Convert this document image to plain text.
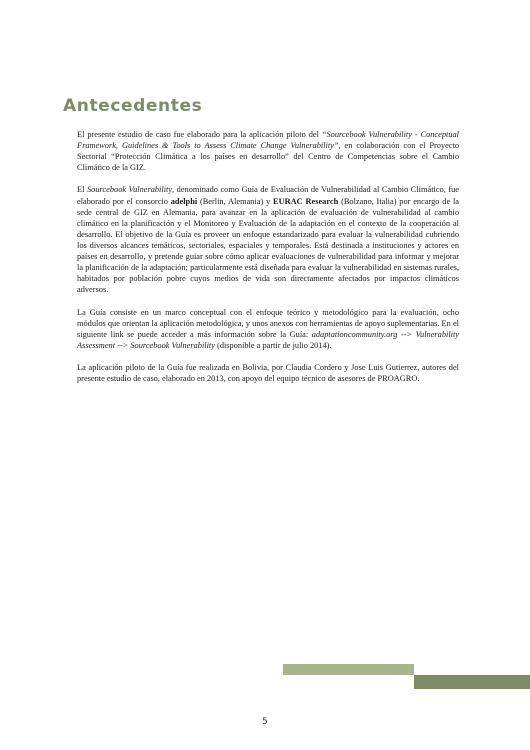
Antecedentes

El presente estudio de caso fue elaborado para la aplicación piloto del “Sourcebook Vulnerability - Conceptual Framework, Guidelines & Tools to Assess Climate Change Vulnerability”, en colaboración con el Proyecto Sectorial “Protección Climática a los países en desarrollo” del Centro de Competencias sobre el Cambio Climático de la GIZ.

El Sourcebook Vulnerability, denominado como Guía de Evaluación de Vulnerabilidad al Cambio Climático, fue elaborado por el consorcio adelphi (Berlin, Alemania) y EURAC Research (Bolzano, Italia) por encargo de la sede central de GIZ en Alemania, para avanzar en la aplicación de evaluación de vulnerabilidad al cambio climático en la planificación y el Monitoreo y Evaluación de la adaptación en el contexto de la cooperación al desarrollo. El objetivo de la Guía es proveer un enfoque estandarizado para evaluar la vulnerabilidad cubriendo los diversos alcances temáticos, sectoriales, espaciales y temporales. Está destinada a instituciones y actores en países en desarrollo, y pretende guiar sobre cómo aplicar evaluaciones de vulnerabilidad para informar y mejorar la planificación de la adaptación; particularmente está diseñada para evaluar la vulnerabilidad en sistemas rurales, habitados por población pobre cuyos medios de vida son directamente afectados por impactos climáticos adversos.

La Guía consiste en un marco conceptual con el enfoque teórico y metodológico para la evaluación, ocho módulos que orientan la aplicación metodológica, y unos anexos con herramientas de apoyo suplementarias. En el siguiente link se puede acceder a más información sobre la Guía: adaptationcommunity.org --> Vulnerability Assessment --> Sourcebook Vulnerability (disponible a partir de julio 2014).

La aplicación piloto de la Guía fue realizada en Bolivia, por Claudia Cordero y Jose Luis Gutierrez, autores del presente estudio de caso, elaborado en 2013, con apoyo del equipo técnico de asesores de PROAGRO.

5
